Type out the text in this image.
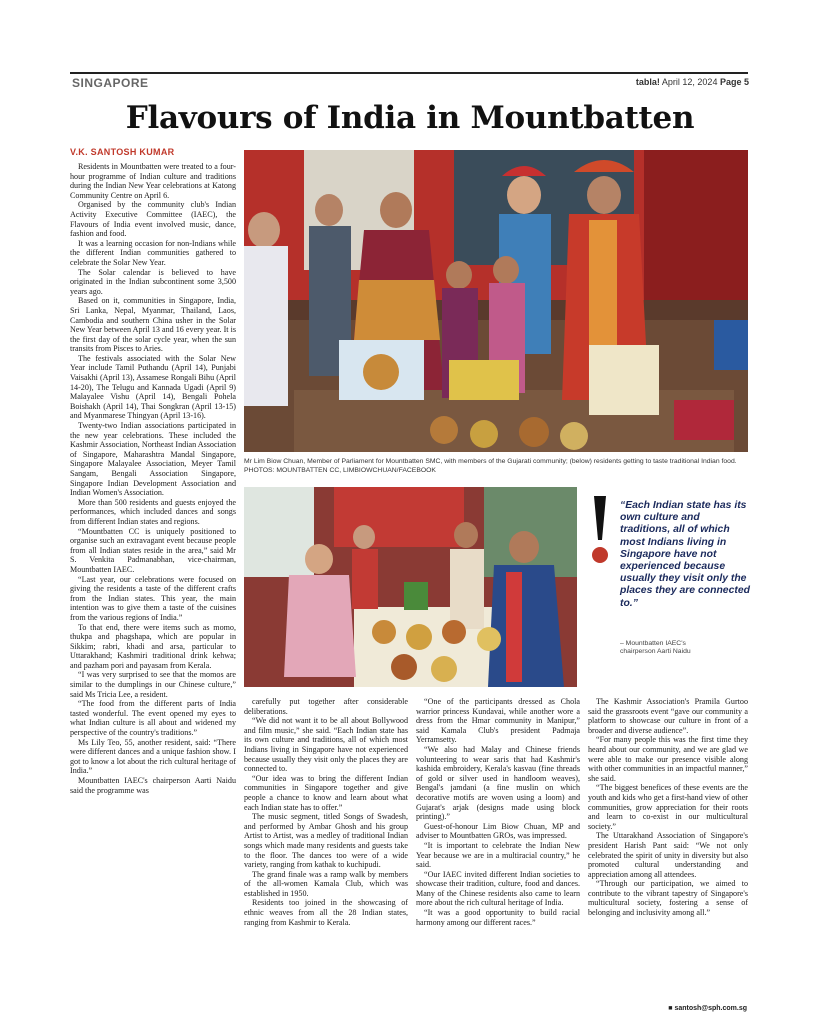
SINGAPORE	tabla! April 12, 2024 Page 5
Flavours of India in Mountbatten
V.K. SANTOSH KUMAR
Mr Lim Biow Chuan, Member of Parliament for Mountbatten SMC, with members of the Gujarati community; (below) residents getting to taste traditional Indian food. PHOTOS: MOUNTBATTEN CC, LIMBIOWCHUAN/FACEBOOK
“Each Indian state has its own culture and traditions, all of which most Indians living in Singapore have not experienced because usually they visit only the places they are connected to.”
– Mountbatten IAEC's
chairperson Aarti Naidu

Residents in Mountbatten were treated to a four-hour programme of Indian culture and traditions during the Indian New Year celebrations at Katong Community Centre on April 6.

Organised by the community club's Indian Activity Executive Committee (IAEC), the Flavours of India event involved music, dance, fashion and food.

It was a learning occasion for non-Indians while the different Indian communities gathered to celebrate the Solar New Year.

The Solar calendar is believed to have originated in the Indian subcontinent some 3,500 years ago.

Based on it, communities in Singapore, India, Sri Lanka, Nepal, Myanmar, Thailand, Laos, Cambodia and southern China usher in the Solar New Year between April 13 and 16 every year. It is the first day of the solar cycle year, when the sun transits from Pisces to Aries.

The festivals associated with the Solar New Year include Tamil Puthandu (April 14), Punjabi Vaisakhi (April 13), Assamese Rongali Bihu (April 14-20), The Telugu and Kannada Ugadi (April 9) Malayalee Vishu (April 14), Bengali Pohela Boishakh (April 14), Thai Songkran (April 13-15) and Myanmarese Thingyan (April 13-16).

Twenty-two Indian associations participated in the new year celebrations. These included the Kashmir Association, Northeast Indian Association of Singapore, Maharashtra Mandal Singapore, Singapore Malayalee Association, Meyer Tamil Sangam, Bengali Association Singapore, Singapore Indian Development Association and Indian Women's Association.

More than 500 residents and guests enjoyed the performances, which included dances and songs from different Indian states and regions.

“Mountbatten CC is uniquely positioned to organise such an extravagant event because people from all Indian states reside in the area,” said Mr S. Venkita Padmanabhan, vice-chairman, Mountbatten IAEC.

“Last year, our celebrations were focused on giving the residents a taste of the different crafts from the Indian states. This year, the main intention was to give them a taste of the cuisines from the various regions of India.”

To that end, there were items such as momo, thukpa and phagshapa, which are popular in Sikkim; rabri, khadi and arsa, particular to Uttarakhand; Kashmiri traditional drink kehwa; and pazham pori and payasam from Kerala.

“I was very surprised to see that the momos are similar to the dumplings in our Chinese culture,” said Ms Tricia Lee, a resident.

“The food from the different parts of India tasted wonderful. The event opened my eyes to what Indian culture is all about and widened my perspective of the country's traditions.”

Ms Lily Teo, 55, another resident, said: “There were different dances and a unique fashion show. I got to know a lot about the rich cultural heritage of India.”

Mountbatten IAEC's chairperson Aarti Naidu said the programme was

carefully put together after considerable deliberations.

“We did not want it to be all about Bollywood and film music,” she said. “Each Indian state has its own culture and traditions, all of which most Indians living in Singapore have not experienced because usually they visit only the places they are connected to.

“Our idea was to bring the different Indian communities in Singapore together and give people a chance to know and learn about what each Indian state has to offer.”

The music segment, titled Songs of Swadesh, and performed by Ambar Ghosh and his group Artist to Artist, was a medley of traditional Indian songs which made many residents and guests take to the floor. The dances too were of a wide variety, ranging from kathak to kuchipudi.

The grand finale was a ramp walk by members of the all-women Kamala Club, which was established in 1950.

Residents too joined in the showcasing of ethnic weaves from all the 28 Indian states, ranging from Kashmir to Kerala.

“One of the participants dressed as Chola warrior princess Kundavai, while another wore a dress from the Hmar community in Manipur,” said Kamala Club's president Padmaja Yerramsetty.

“We also had Malay and Chinese friends volunteering to wear saris that had Kashmir's kashida embroidery, Kerala's kasvau (fine threads of gold or silver used in handloom weaves), Bengal's jamdani (a fine muslin on which decorative motifs are woven using a loom) and Gujarat's arjak (designs made using block printing).”

Guest-of-honour Lim Biow Chuan, MP and adviser to Mountbatten GROs, was impressed.

“It is important to celebrate the Indian New Year because we are in a multiracial country,” he said.

“Our IAEC invited different Indian societies to showcase their tradition, culture, food and dances. Many of the Chinese residents also came to learn more about the rich cultural heritage of India.

“It was a good opportunity to build racial harmony among our different races.”

The Kashmir Association's Pramila Gurtoo said the grassroots event “gave our community a platform to showcase our culture in front of a broader and diverse audience”.

“For many people this was the first time they heard about our community, and we are glad we were able to make our presence visible along with other communities in an impactful manner,” she said.

“The biggest benefices of these events are the youth and kids who get a first-hand view of other communities, grow appreciation for their roots and learn to co-exist in our multicultural society.”

The Uttarakhand Association of Singapore's president Harish Pant said: “We not only celebrated the spirit of unity in diversity but also promoted cultural understanding and appreciation among all attendees.

“Through our participation, we aimed to contribute to the vibrant tapestry of Singapore's multicultural society, fostering a sense of belonging and inclusivity among all.”

■ santosh@sph.com.sg
